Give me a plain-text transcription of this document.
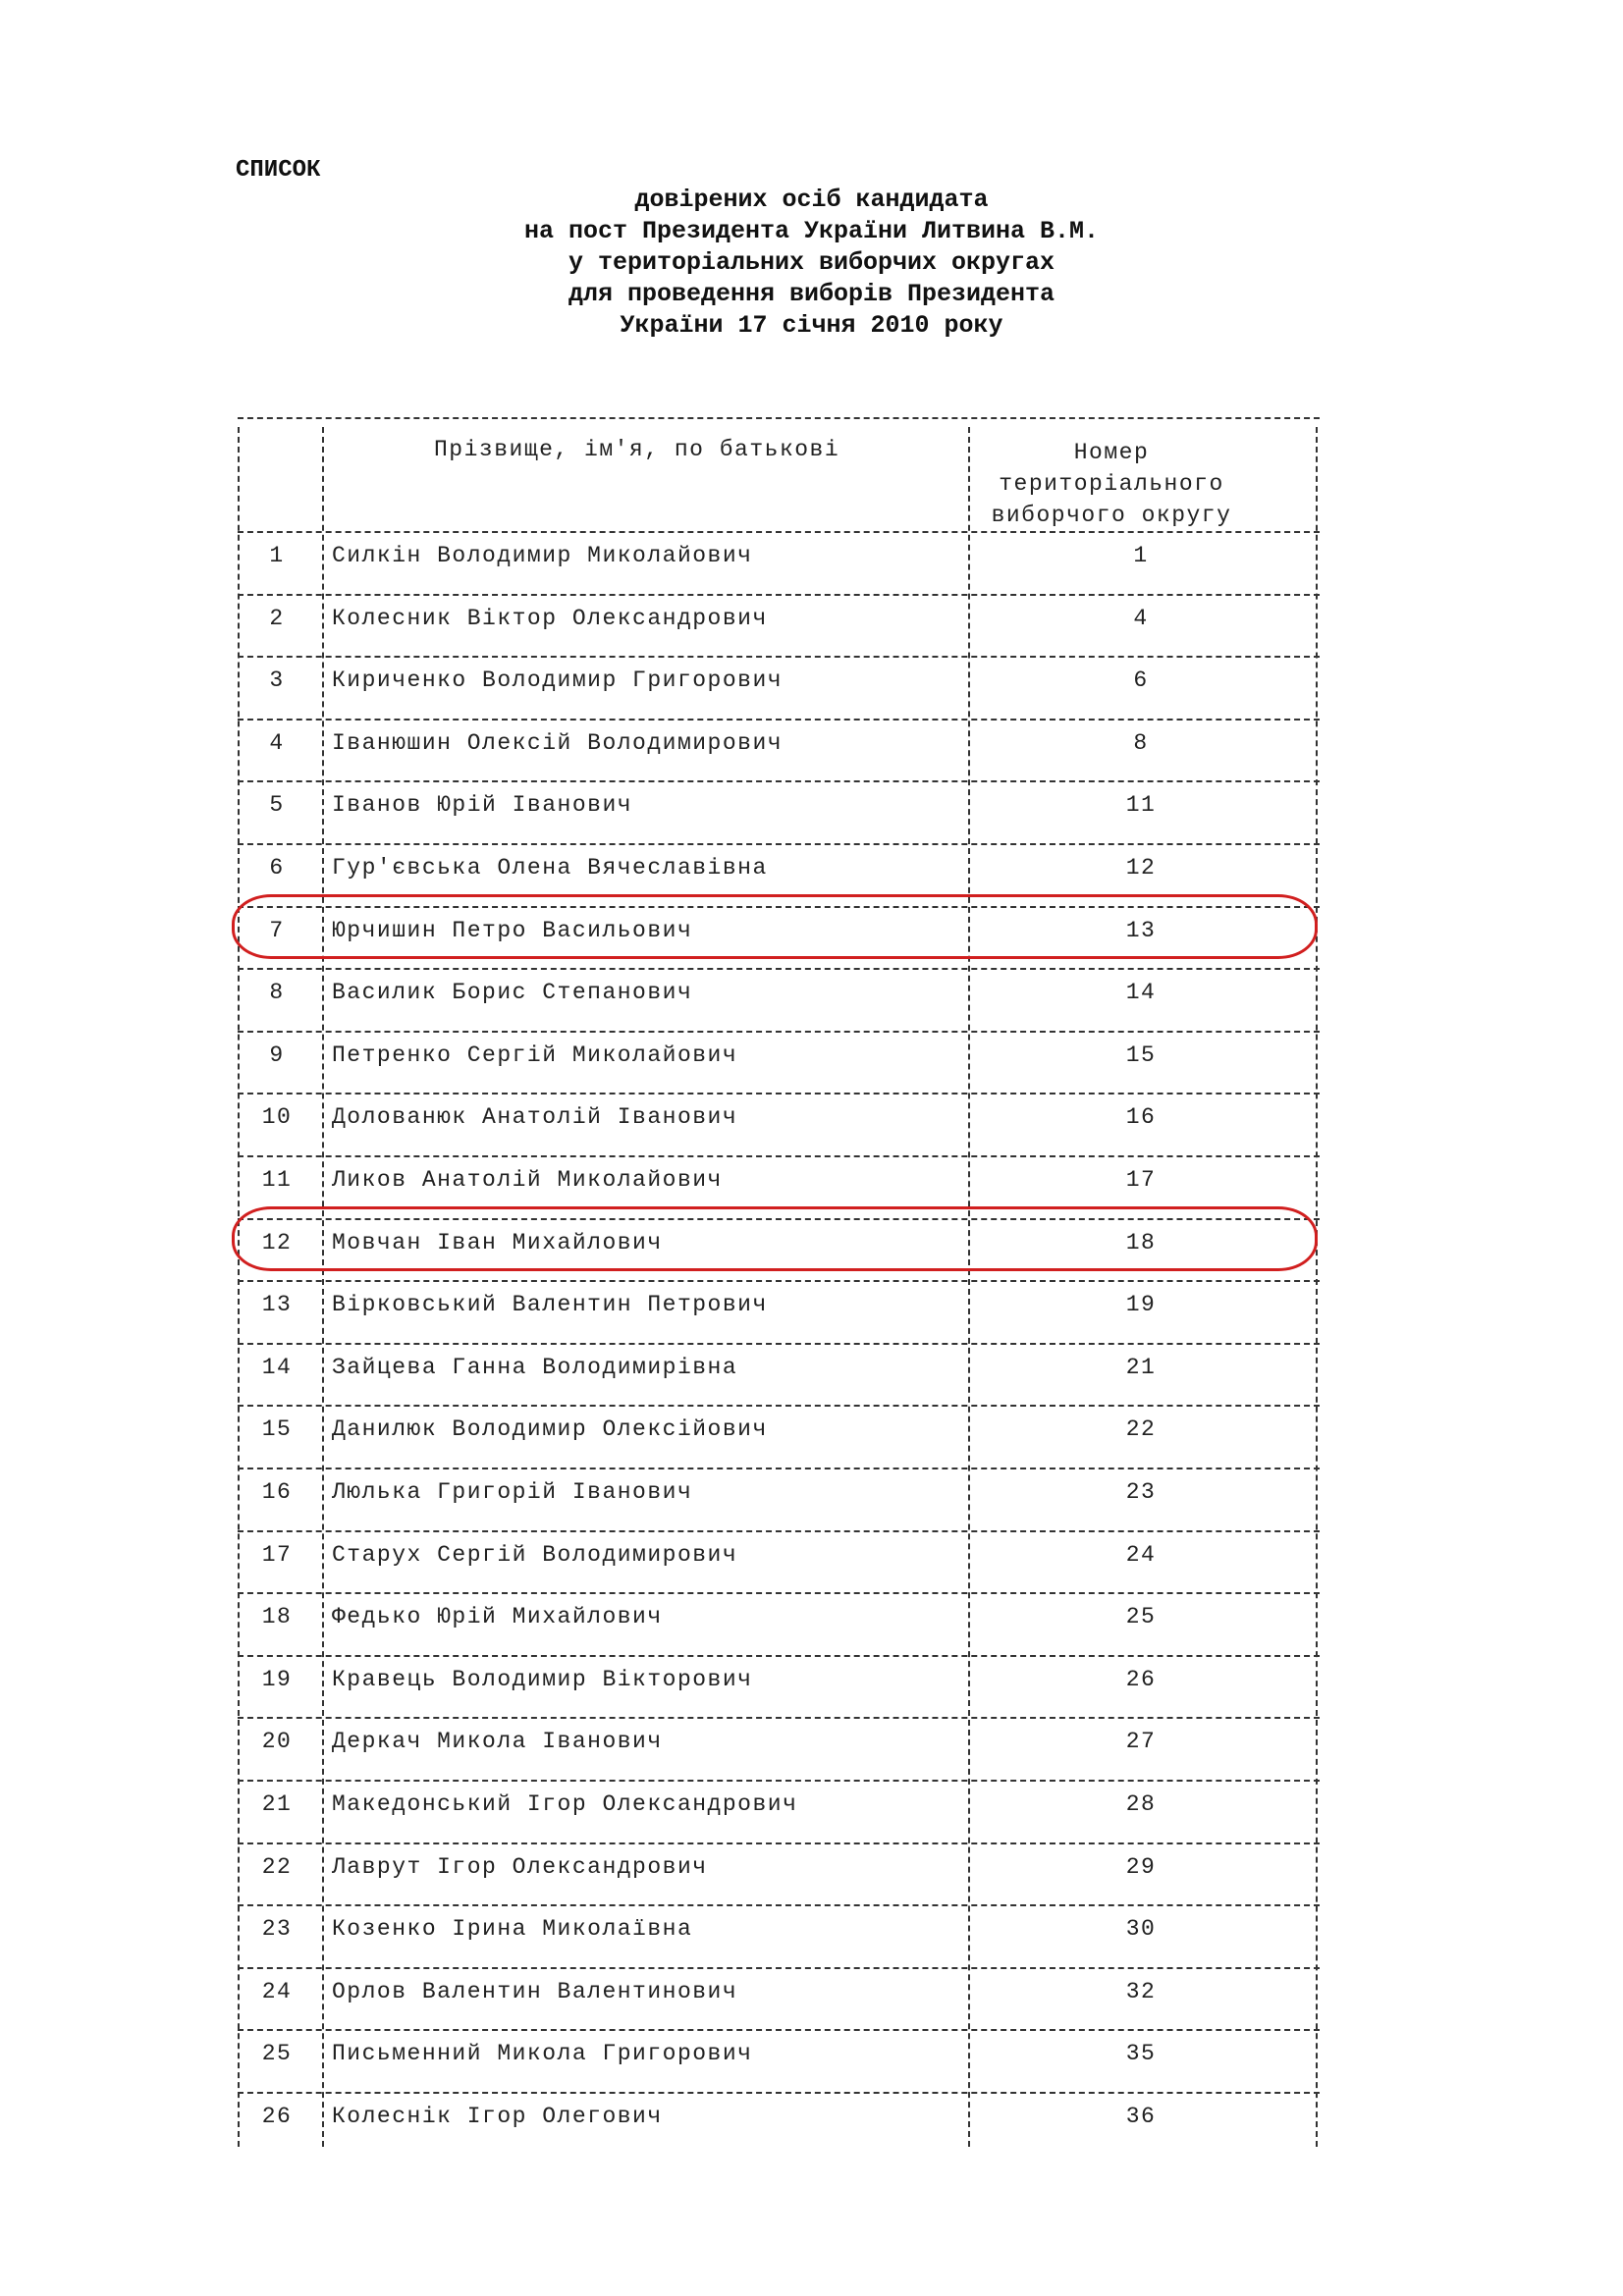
СПИСОК
довірених осіб кандидата
на пост Президента України Литвина В.М.
у територіальних виборчих округах
для проведення виборів Президента
України 17 січня 2010 року
Прізвище, ім'я, по батькові	Номер
територіального
виборчого округу
1	Силкін Володимир Миколайович	1
2	Колесник Віктор Олександрович	4
3	Кириченко Володимир Григорович	6
4	Іванюшин Олексій Володимирович	8
5	Іванов Юрій Іванович	11
6	Гур'євська Олена Вячеславівна	12
7	Юрчишин Петро Васильович	13
8	Василик Борис Степанович	14
9	Петренко Сергій Миколайович	15
10	Долованюк Анатолій Іванович	16
11	Ликов Анатолій Миколайович	17
12	Мовчан Іван Михайлович	18
13	Вірковський Валентин Петрович	19
14	Зайцева Ганна Володимирівна	21
15	Данилюк Володимир Олексійович	22
16	Люлька Григорій Іванович	23
17	Старух Сергій Володимирович	24
18	Федько Юрій Михайлович	25
19	Кравець Володимир Вікторович	26
20	Деркач Микола Іванович	27
21	Македонський Ігор Олександрович	28
22	Лаврут Ігор Олександрович	29
23	Козенко Ірина Миколаївна	30
24	Орлов Валентин Валентинович	32
25	Письменний Микола Григорович	35
26	Колеснік Ігор Олегович	36
